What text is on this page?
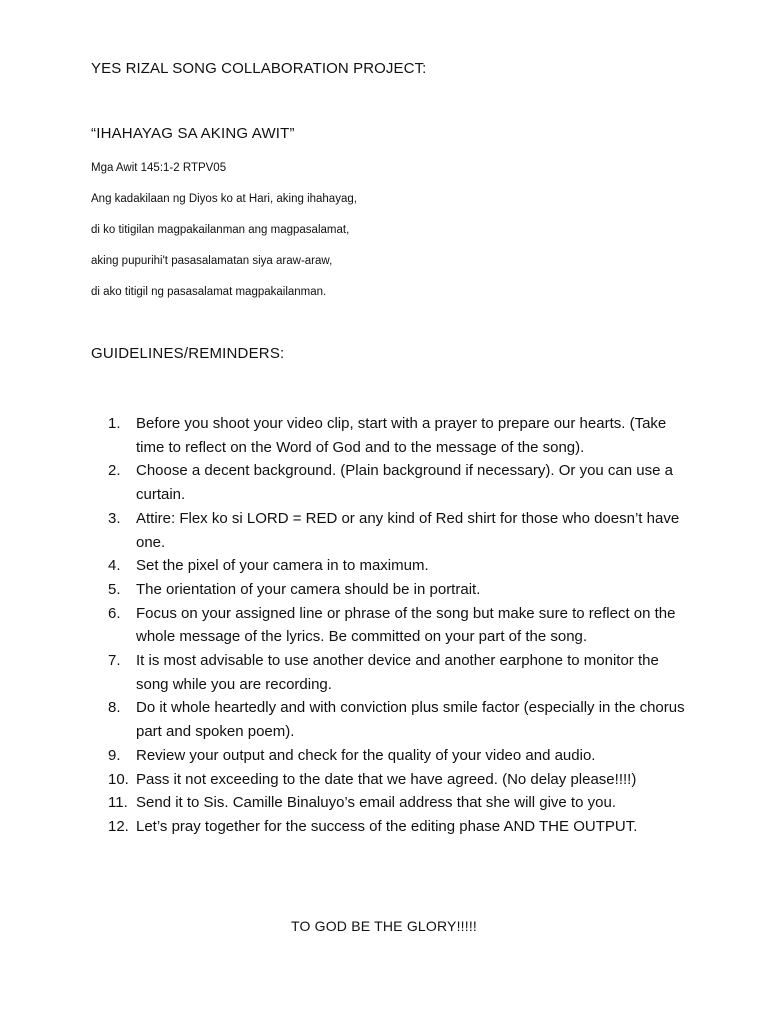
YES RIZAL SONG COLLABORATION PROJECT:
“IHAHAYAG SA AKING AWIT”
Mga Awit 145:1-2 RTPV05
Ang kadakilaan ng Diyos ko at Hari, aking ihahayag,
di ko titigilan magpakailanman ang magpasalamat,
aking pupurihi't pasasalamatan siya araw-araw,
di ako titigil ng pasasalamat magpakailanman.
GUIDELINES/REMINDERS:
1.	Before you shoot your video clip, start with a prayer to prepare our hearts. (Take time to reflect on the Word of God and to the message of the song).
2.	Choose a decent background. (Plain background if necessary). Or you can use a curtain.
3.	Attire: Flex ko si LORD = RED or any kind of Red shirt for those who doesn’t have one.
4.	Set the pixel of your camera in to maximum.
5.	The orientation of your camera should be in portrait.
6.	Focus on your assigned line or phrase of the song but make sure to reflect on the whole message of the lyrics. Be committed on your part of the song.
7.	It is most advisable to use another device and another earphone to monitor the song while you are recording.
8.	Do it whole heartedly and with conviction plus smile factor (especially in the chorus part and spoken poem).
9.	Review your output and check for the quality of your video and audio.
10. Pass it not exceeding to the date that we have agreed. (No delay please!!!!)
11. Send it to Sis. Camille Binaluyo’s email address that she will give to you.
12. Let’s pray together for the success of the editing phase AND THE OUTPUT.
TO GOD BE THE GLORY!!!!!
